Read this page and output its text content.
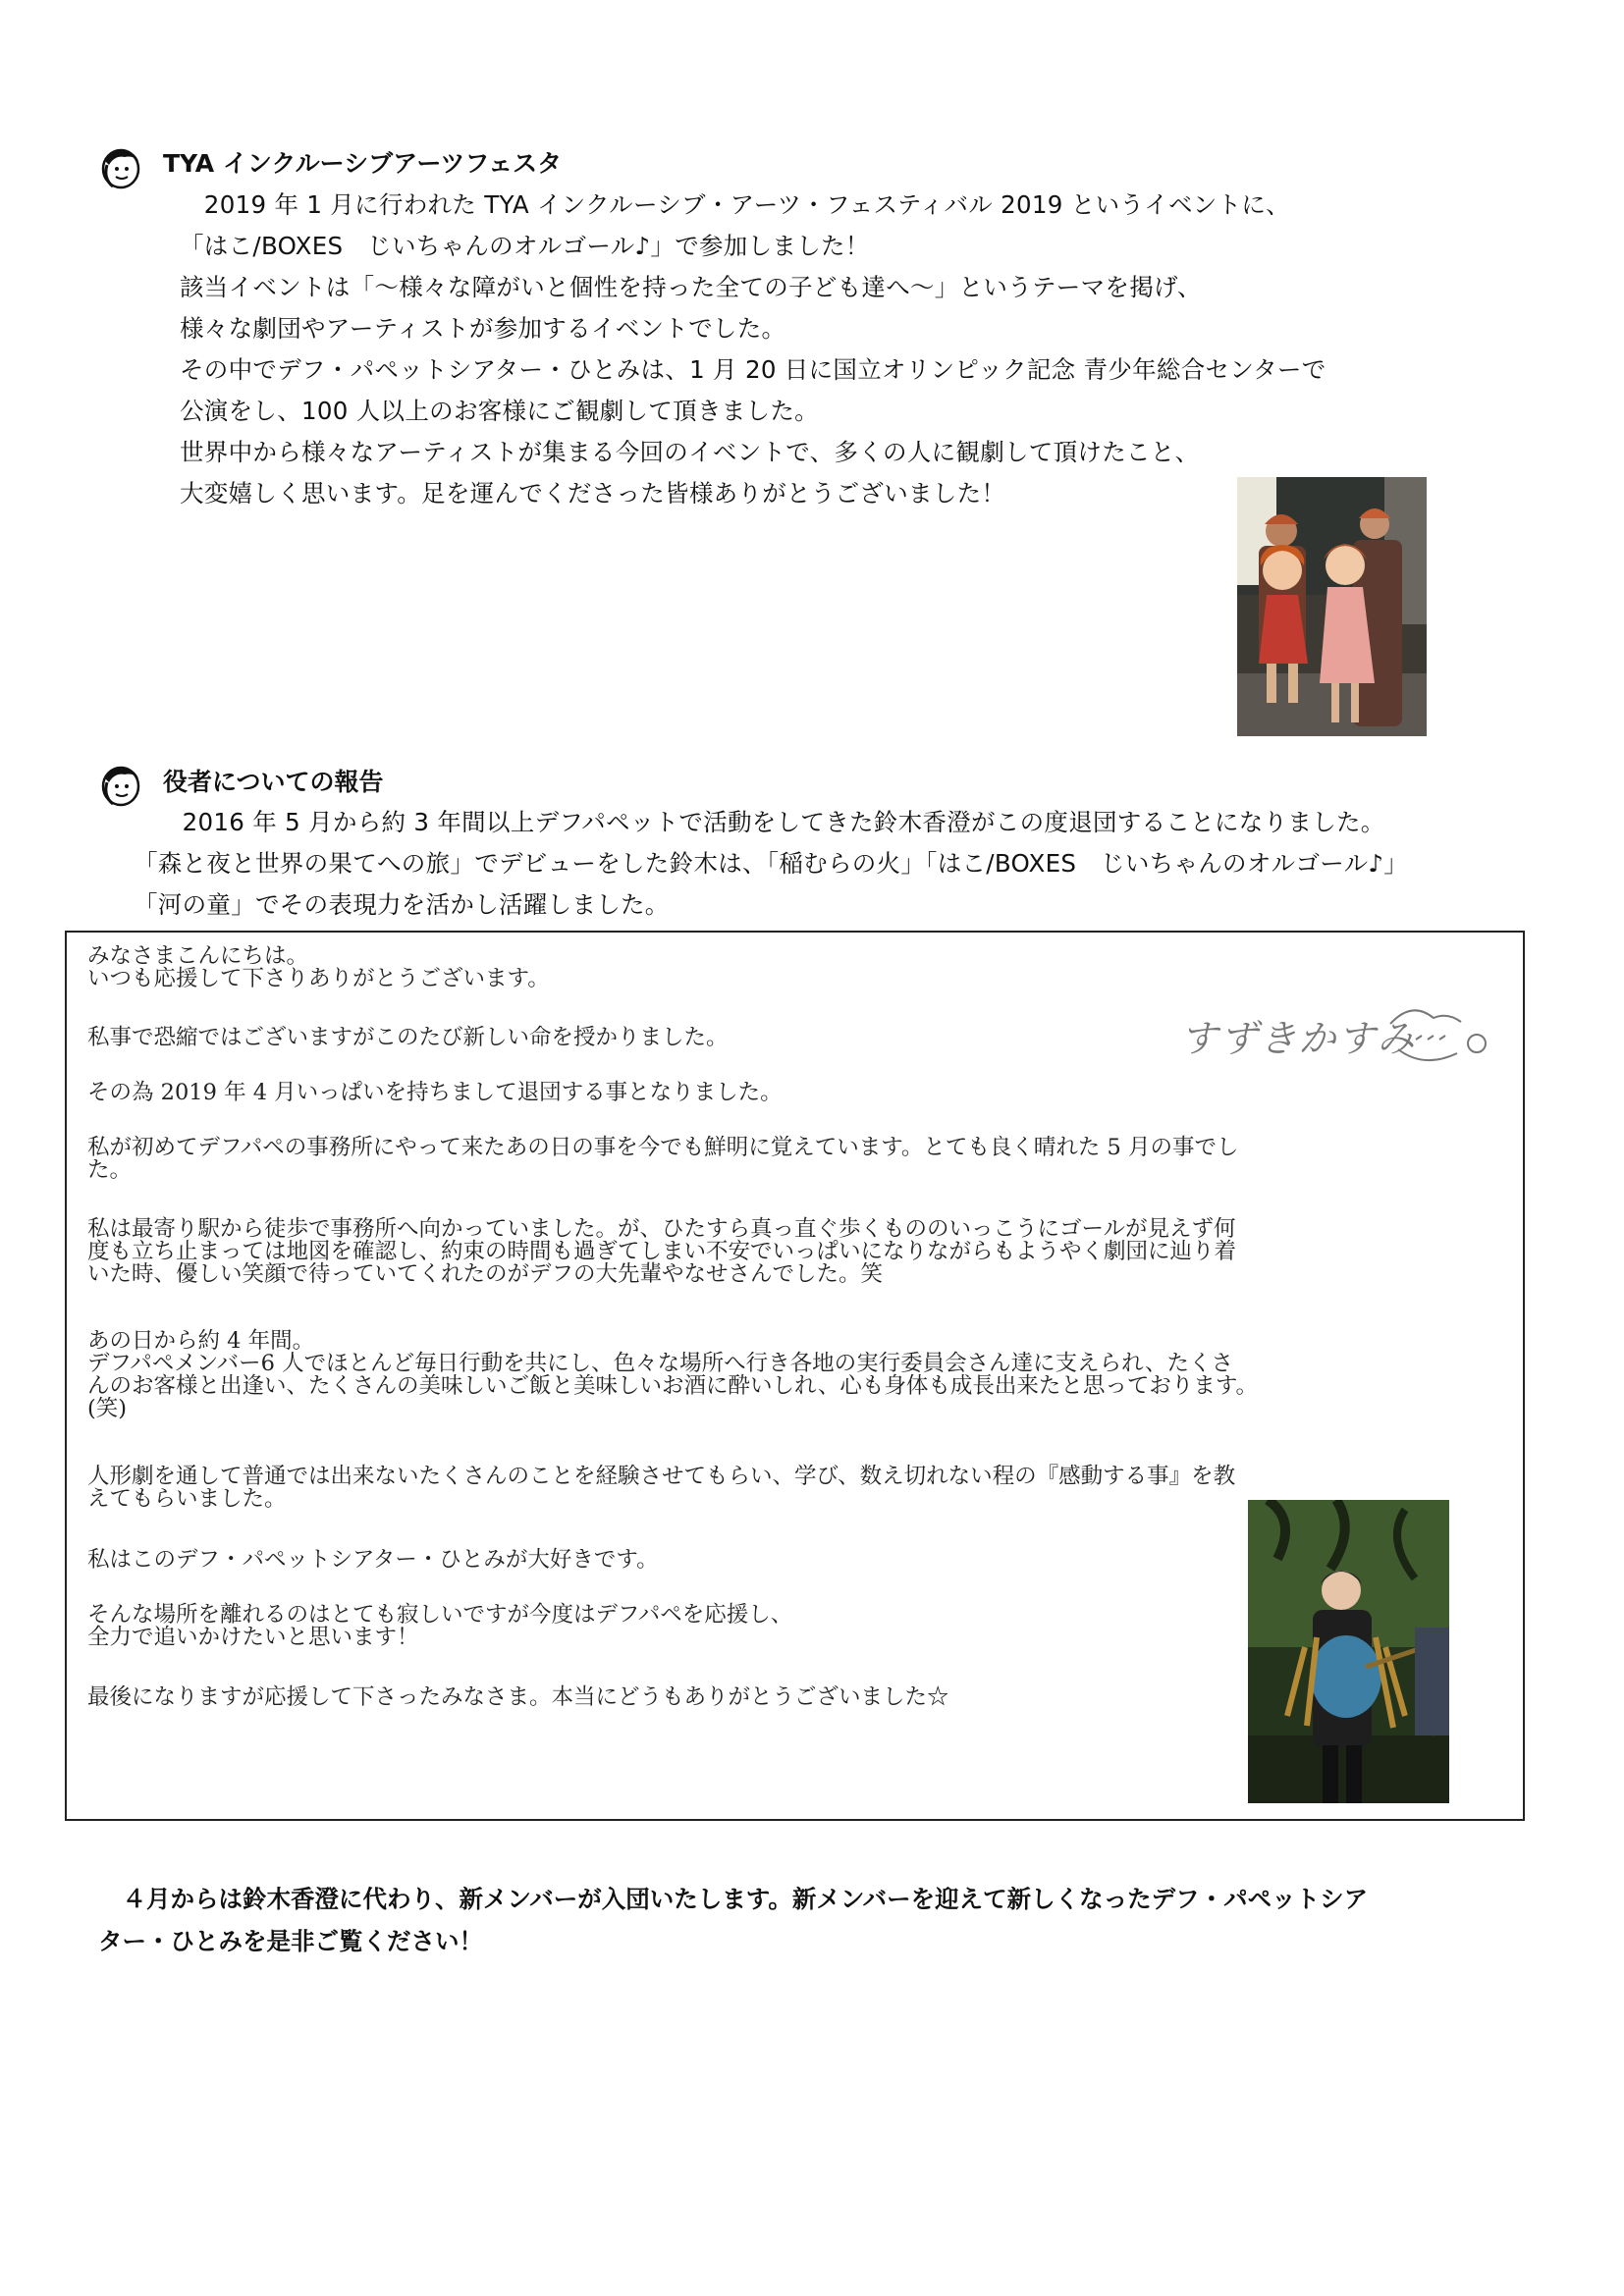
TYA インクルーシブアーツフェスタ
　2019 年 1 月に行われた TYA インクルーシブ・アーツ・フェスティバル 2019 というイベントに、
「はこ/BOXES　じいちゃんのオルゴール♪」で参加しました！
該当イベントは「～様々な障がいと個性を持った全ての子ども達へ～」というテーマを掲げ、
様々な劇団やアーティストが参加するイベントでした。
その中でデフ・パペットシアター・ひとみは、1 月 20 日に国立オリンピック記念 青少年総合センターで
公演をし、100 人以上のお客様にご観劇して頂きました。
世界中から様々なアーティストが集まる今回のイベントで、多くの人に観劇して頂けたこと、
大変嬉しく思います。足を運んでくださった皆様ありがとうございました！
役者についての報告
　　2016 年 5 月から約 3 年間以上デフパペットで活動をしてきた鈴木香澄がこの度退団することになりました。
「森と夜と世界の果てへの旅」でデビューをした鈴木は、「稲むらの火」「はこ/BOXES　じいちゃんのオルゴール♪」
「河の童」でその表現力を活かし活躍しました。
みなさまこんにちは。
いつも応援して下さりありがとうございます。
私事で恐縮ではございますがこのたび新しい命を授かりました。
その為 2019 年 4 月いっぱいを持ちまして退団する事となりました。
私が初めてデフパペの事務所にやって来たあの日の事を今でも鮮明に覚えています。とても良く晴れた 5 月の事でし
た。
私は最寄り駅から徒歩で事務所へ向かっていました。が、ひたすら真っ直ぐ歩くもののいっこうにゴールが見えず何
度も立ち止まっては地図を確認し、約束の時間も過ぎてしまい不安でいっぱいになりながらもようやく劇団に辿り着
いた時、優しい笑顔で待っていてくれたのがデフの大先輩やなせさんでした。笑
あの日から約 4 年間。
デフパペメンバー6 人でほとんど毎日行動を共にし、色々な場所へ行き各地の実行委員会さん達に支えられ、たくさ
んのお客様と出逢い、たくさんの美味しいご飯と美味しいお酒に酔いしれ、心も身体も成長出来たと思っております。
(笑)
人形劇を通して普通では出来ないたくさんのことを経験させてもらい、学び、数え切れない程の『感動する事』を教
えてもらいました。
私はこのデフ・パペットシアター・ひとみが大好きです。
そんな場所を離れるのはとても寂しいですが今度はデフパペを応援し、
全力で追いかけたいと思います！
最後になりますが応援して下さったみなさま。本当にどうもありがとうございました☆
すずきかすみ
　４月からは鈴木香澄に代わり、新メンバーが入団いたします。新メンバーを迎えて新しくなったデフ・パペットシア
ター・ひとみを是非ご覧ください！
